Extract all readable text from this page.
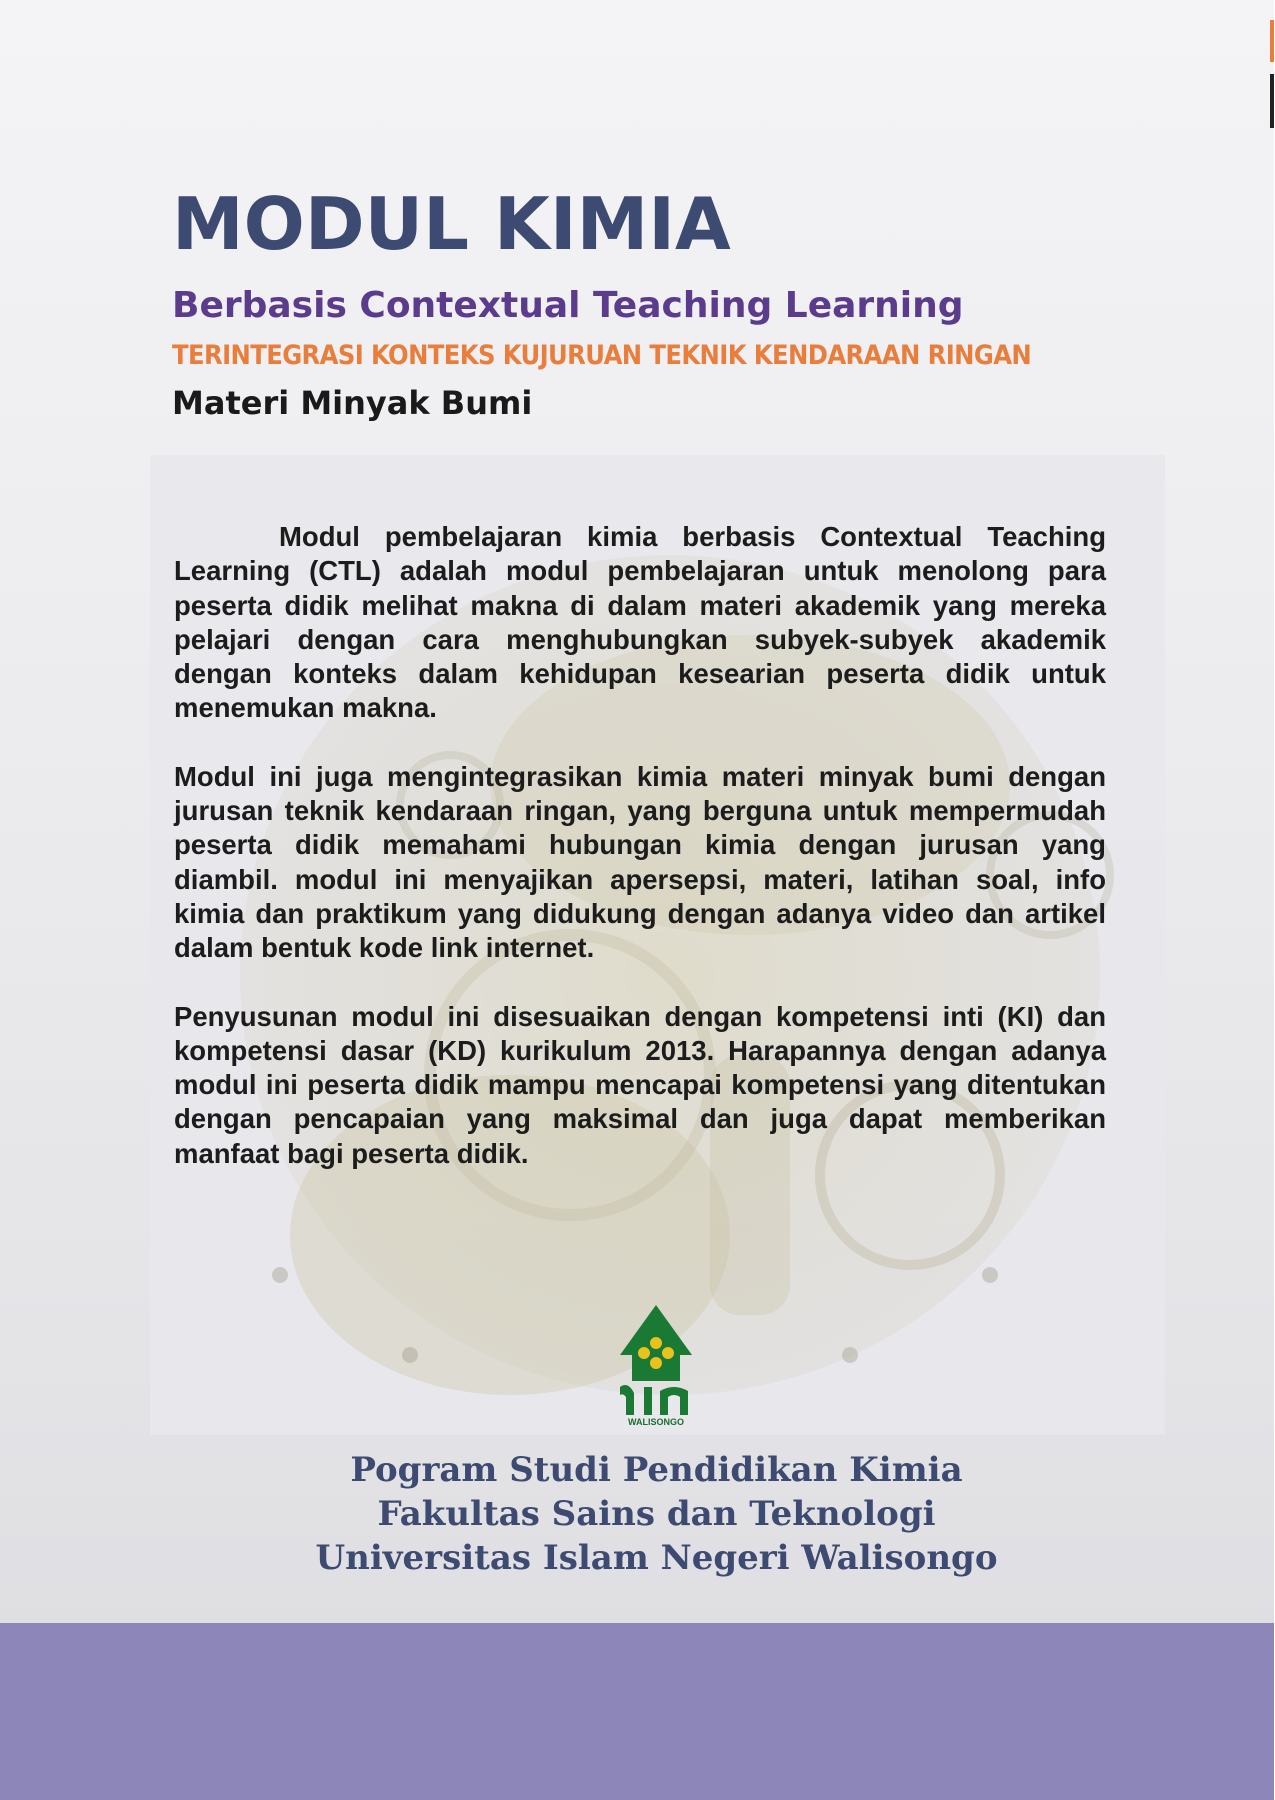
MODUL KIMIA
Berbasis Contextual Teaching Learning
TERINTEGRASI KONTEKS KUJURUAN TEKNIK KENDARAAN RINGAN
Materi Minyak Bumi

Modul pembelajaran kimia berbasis Contextual Teaching Learning (CTL) adalah modul pembelajaran untuk menolong para peserta didik melihat makna di dalam materi akademik yang mereka pelajari dengan cara menghubungkan subyek-subyek akademik dengan konteks dalam kehidupan kesearian peserta didik untuk menemukan makna.

Modul ini juga mengintegrasikan kimia materi minyak bumi dengan jurusan teknik kendaraan ringan, yang berguna untuk mempermudah peserta didik memahami hubungan kimia dengan jurusan yang diambil. modul ini menyajikan apersepsi, materi, latihan soal, info kimia dan praktikum yang didukung dengan adanya video dan artikel dalam bentuk kode link internet.

Penyusunan modul ini disesuaikan dengan kompetensi inti (KI) dan kompetensi dasar (KD) kurikulum 2013. Harapannya dengan adanya modul ini peserta didik mampu mencapai kompetensi yang ditentukan dengan pencapaian yang maksimal dan juga dapat memberikan manfaat bagi peserta didik.

WALISONGO
Pogram Studi Pendidikan Kimia
Fakultas Sains dan Teknologi
Universitas Islam Negeri Walisongo
